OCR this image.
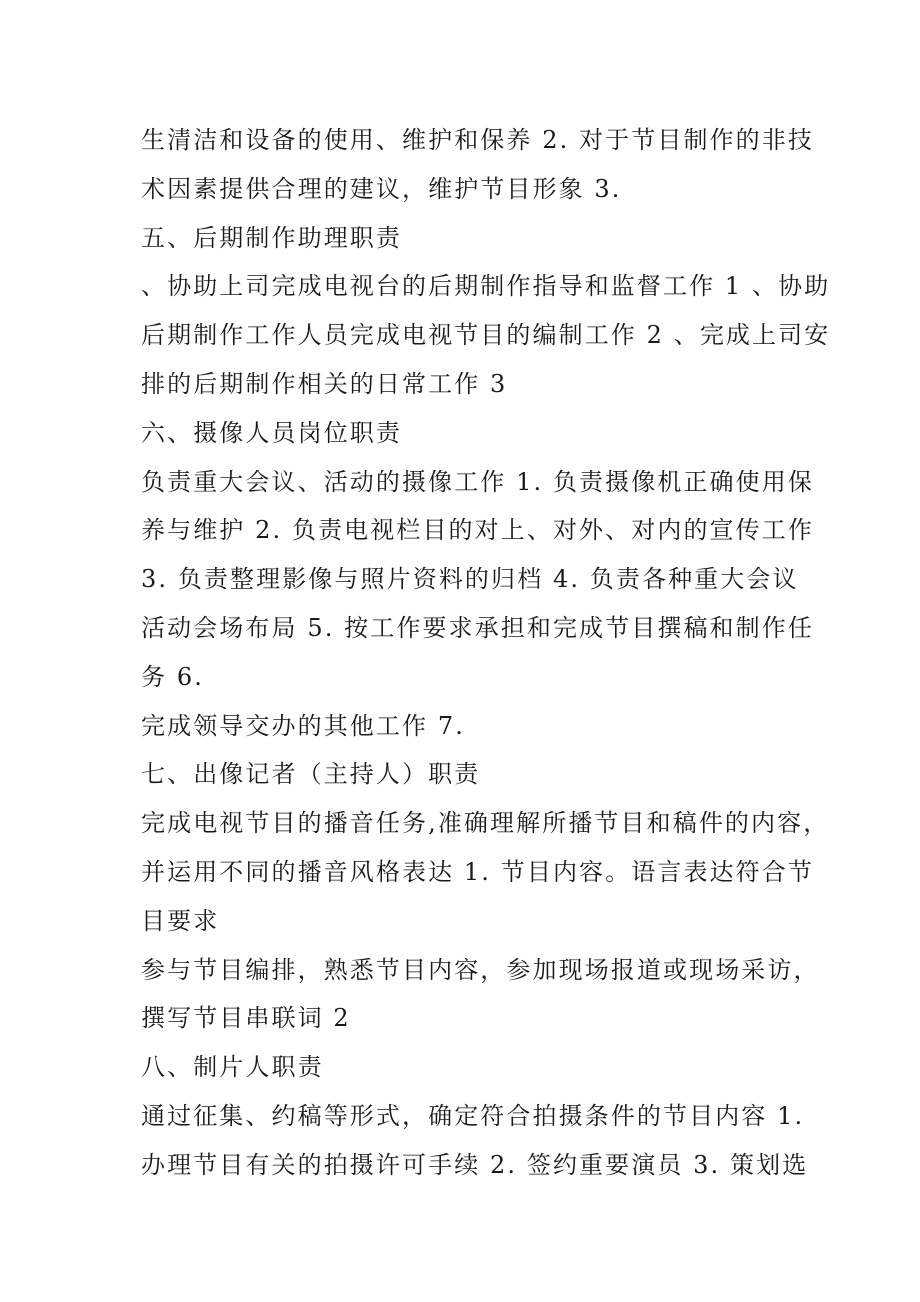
生清洁和设备的使用、维护和保养 2. 对于节目制作的非技
术因素提供合理的建议，维护节目形象 3.
五、后期制作助理职责
、协助上司完成电视台的后期制作指导和监督工作 1 、协助
后期制作工作人员完成电视节目的编制工作 2 、完成上司安
排的后期制作相关的日常工作 3
六、摄像人员岗位职责
负责重大会议、活动的摄像工作 1. 负责摄像机正确使用保
养与维护 2. 负责电视栏目的对上、对外、对内的宣传工作
3. 负责整理影像与照片资料的归档 4. 负责各种重大会议
活动会场布局 5. 按工作要求承担和完成节目撰稿和制作任
务 6.
完成领导交办的其他工作 7.
七、出像记者（主持人）职责
完成电视节目的播音任务,准确理解所播节目和稿件的内容，
并运用不同的播音风格表达 1. 节目内容。语言表达符合节
目要求
参与节目编排，熟悉节目内容，参加现场报道或现场采访，
撰写节目串联词 2
八、制片人职责
通过征集、约稿等形式，确定符合拍摄条件的节目内容 1.
办理节目有关的拍摄许可手续 2. 签约重要演员 3. 策划选
